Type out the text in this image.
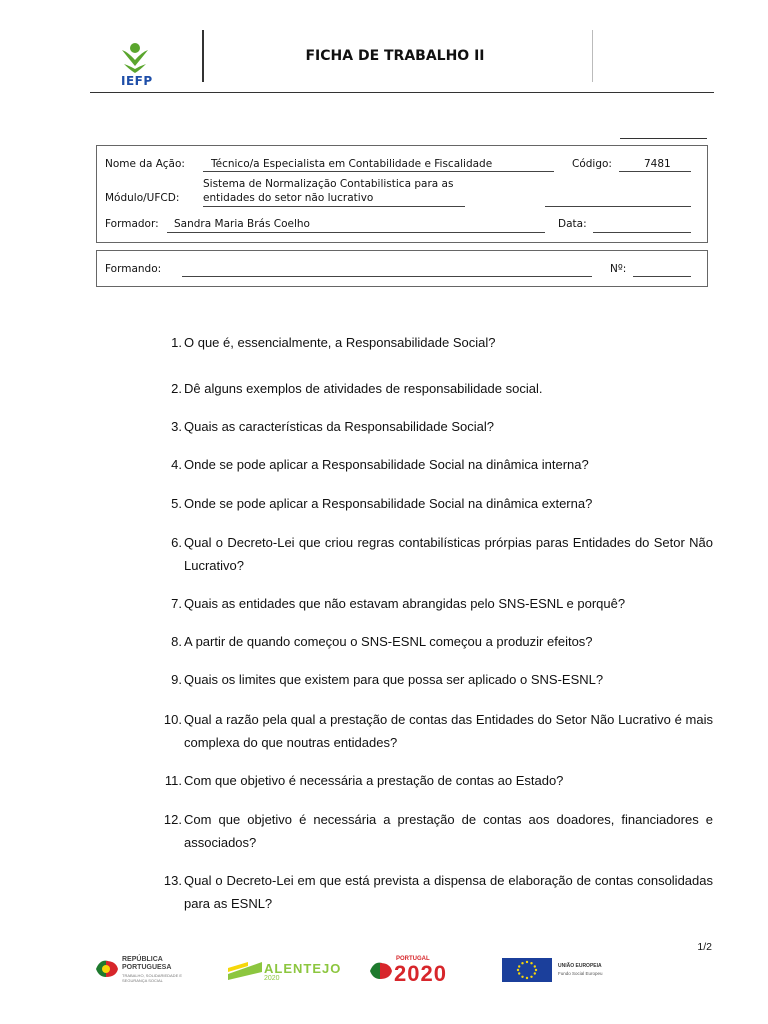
IEFP
FICHA DE TRABALHO II
Nome da Ação: Técnico/a Especialista em Contabilidade e Fiscalidade	Código:	7481
Módulo/UFCD:
Sistema de Normalização Contabilistica para as
entidades do setor não lucrativo
Formador: Sandra Maria Brás Coelho	Data:
Formando:	Nº:
1. O que é, essencialmente, a Responsabilidade Social?
2. Dê alguns exemplos de atividades de responsabilidade social.
3. Quais as características da Responsabilidade Social?
4. Onde se pode aplicar a Responsabilidade Social na dinâmica interna?
5. Onde se pode aplicar a Responsabilidade Social na dinâmica externa?
6. Qual o Decreto-Lei que criou regras contabilísticas prórpias paras Entidades do Setor Não Lucrativo?
7. Quais as entidades que não estavam abrangidas pelo SNS-ESNL e porquê?
8. A partir de quando começou o SNS-ESNL começou a produzir efeitos?
9. Quais os limites que existem para que possa ser aplicado o SNS-ESNL?
10. Qual a razão pela qual a prestação de contas das Entidades do Setor Não Lucrativo é mais complexa do que noutras entidades?
11. Com que objetivo é necessária a prestação de contas ao Estado?
12. Com que objetivo é necessária a prestação de contas aos doadores, financiadores e associados?
13. Qual o Decreto-Lei em que está prevista a dispensa de elaboração de contas consolidadas para as ESNL?
1/2
REPÚBLICA
PORTUGUESA
TRABALHO, SOLIDARIEDADE E SEGURANÇA SOCIAL
ALENTEJO
2020
PORTUGAL
2020	UNIÃO EUROPEIA
Fundo Social Europeu
